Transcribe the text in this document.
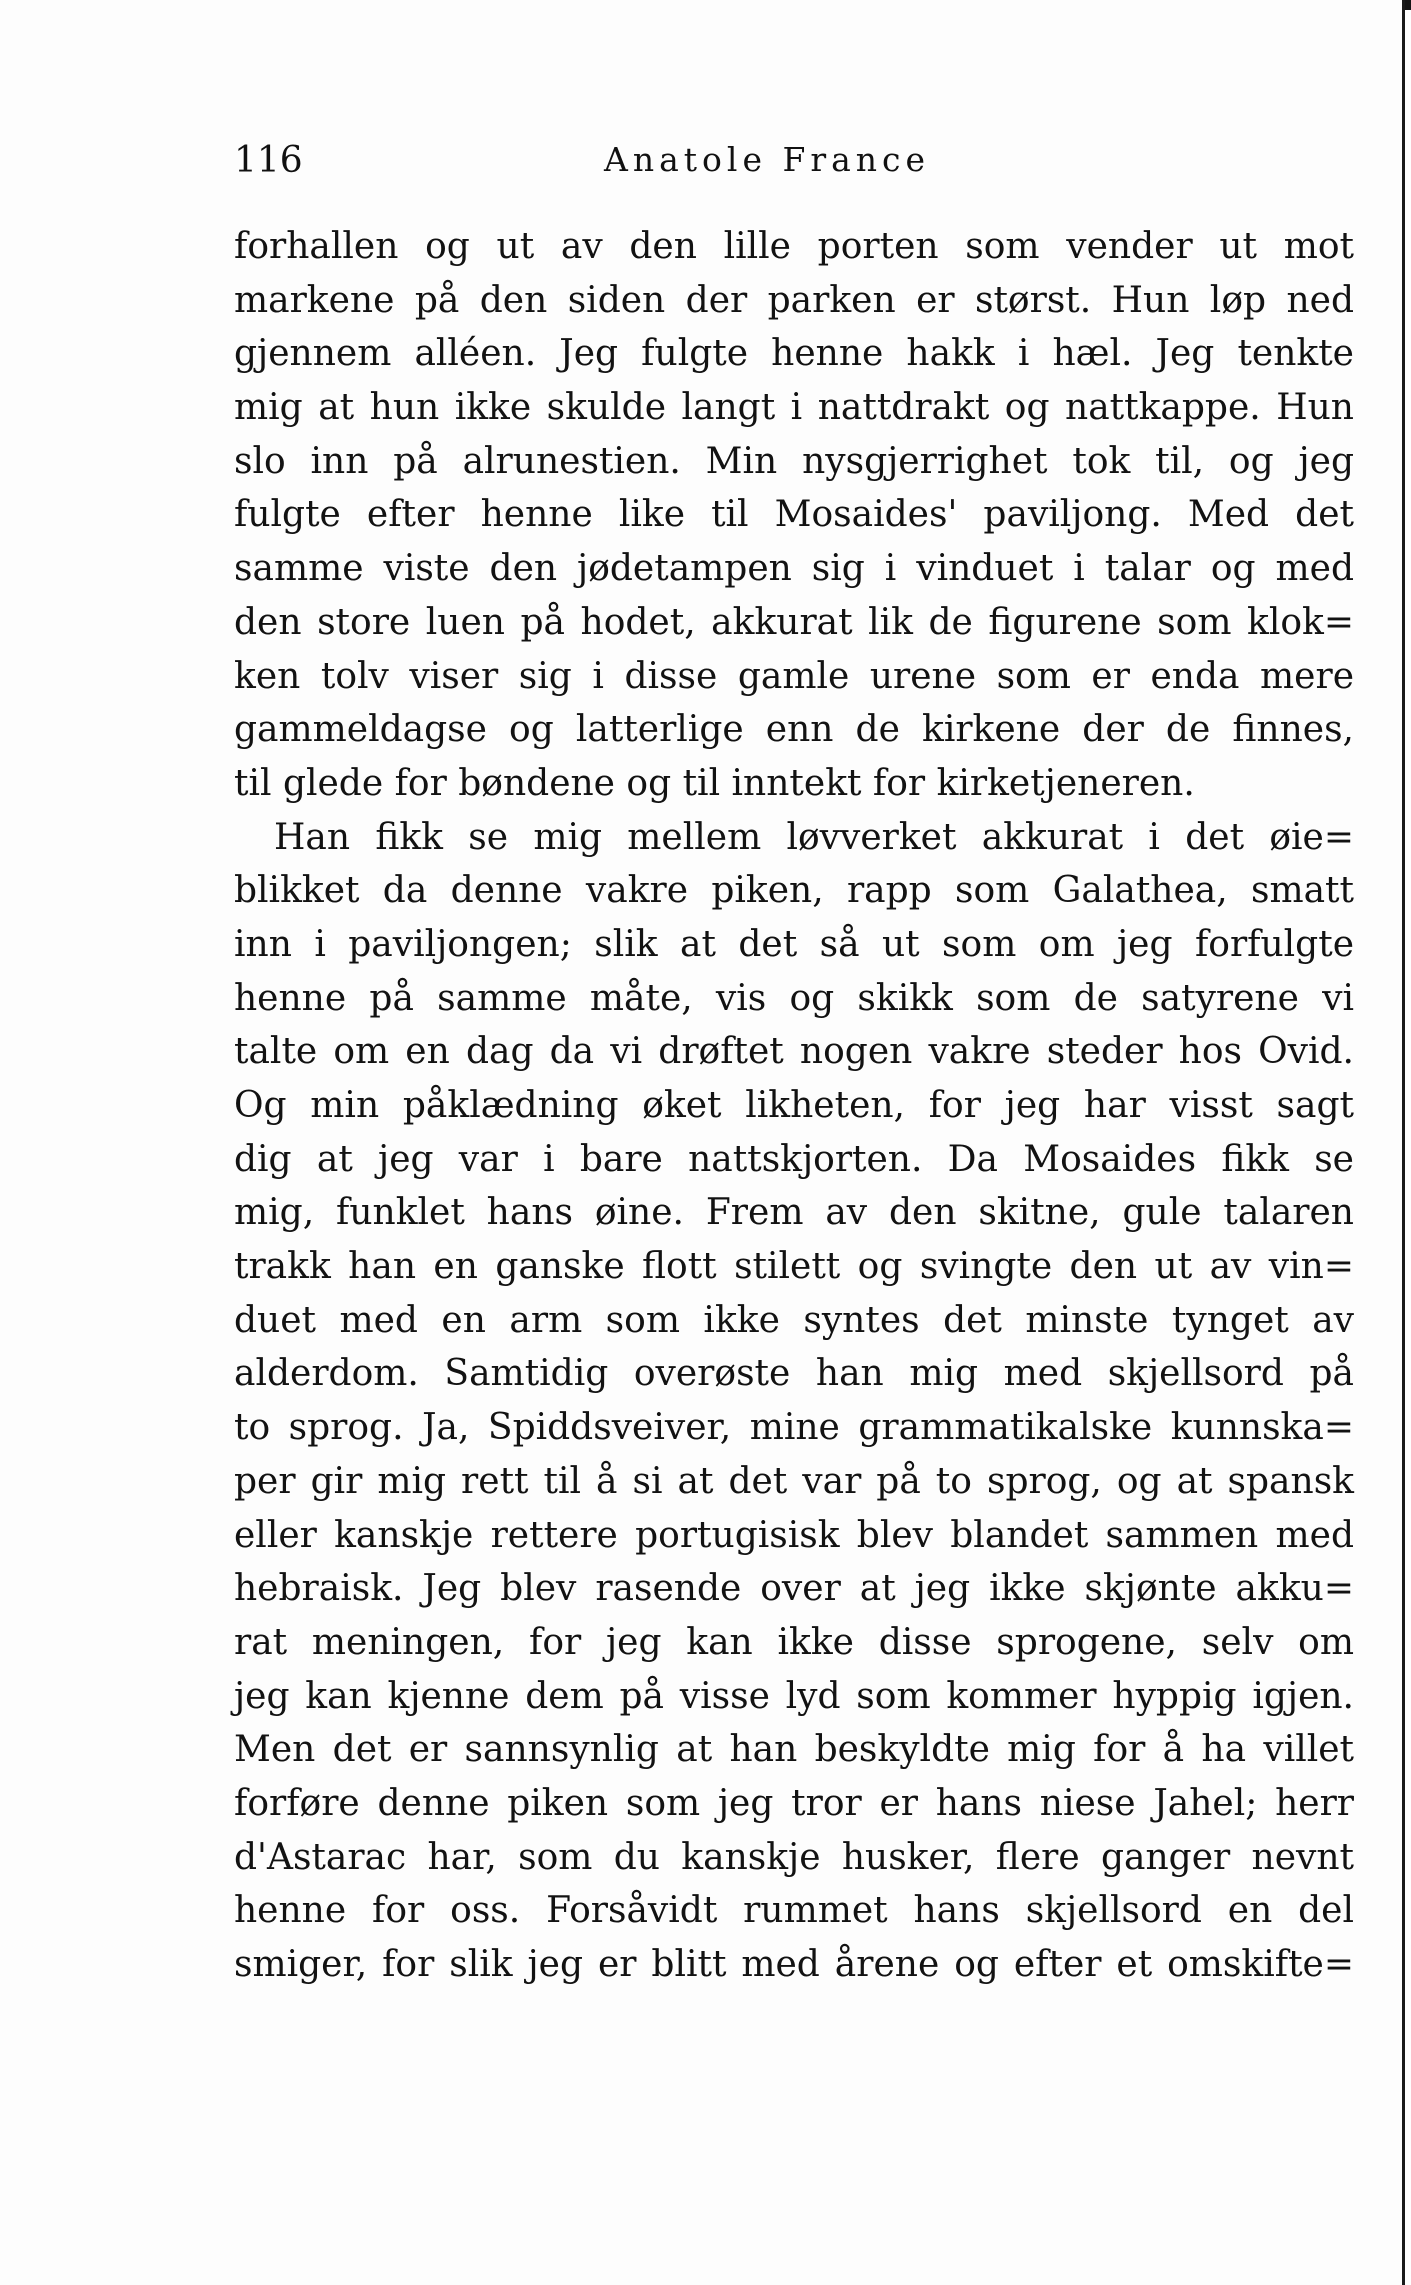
116	Anatole France
forhallen og ut av den lille porten som vender ut mot
markene på den siden der parken er størst. Hun løp ned
gjennem alléen. Jeg fulgte henne hakk i hæl. Jeg tenkte
mig at hun ikke skulde langt i nattdrakt og nattkappe. Hun
slo inn på alrunestien. Min nysgjerrighet tok til, og jeg
fulgte efter henne like til Mosaides' paviljong. Med det
samme viste den jødetampen sig i vinduet i talar og med
den store luen på hodet, akkurat lik de figurene som klok=
ken tolv viser sig i disse gamle urene som er enda mere
gammeldagse og latterlige enn de kirkene der de finnes,
til glede for bøndene og til inntekt for kirketjeneren.
Han fikk se mig mellem løvverket akkurat i det øie=
blikket da denne vakre piken, rapp som Galathea, smatt
inn i paviljongen; slik at det så ut som om jeg forfulgte
henne på samme måte, vis og skikk som de satyrene vi
talte om en dag da vi drøftet nogen vakre steder hos Ovid.
Og min påklædning øket likheten, for jeg har visst sagt
dig at jeg var i bare nattskjorten. Da Mosaides fikk se
mig, funklet hans øine. Frem av den skitne, gule talaren
trakk han en ganske flott stilett og svingte den ut av vin=
duet med en arm som ikke syntes det minste tynget av
alderdom. Samtidig overøste han mig med skjellsord på
to sprog. Ja, Spiddsveiver, mine grammatikalske kunnska=
per gir mig rett til å si at det var på to sprog, og at spansk
eller kanskje rettere portugisisk blev blandet sammen med
hebraisk. Jeg blev rasende over at jeg ikke skjønte akku=
rat meningen, for jeg kan ikke disse sprogene, selv om
jeg kan kjenne dem på visse lyd som kommer hyppig igjen.
Men det er sannsynlig at han beskyldte mig for å ha villet
forføre denne piken som jeg tror er hans niese Jahel; herr
d'Astarac har, som du kanskje husker, flere ganger nevnt
henne for oss. Forsåvidt rummet hans skjellsord en del
smiger, for slik jeg er blitt med årene og efter et omskifte=
